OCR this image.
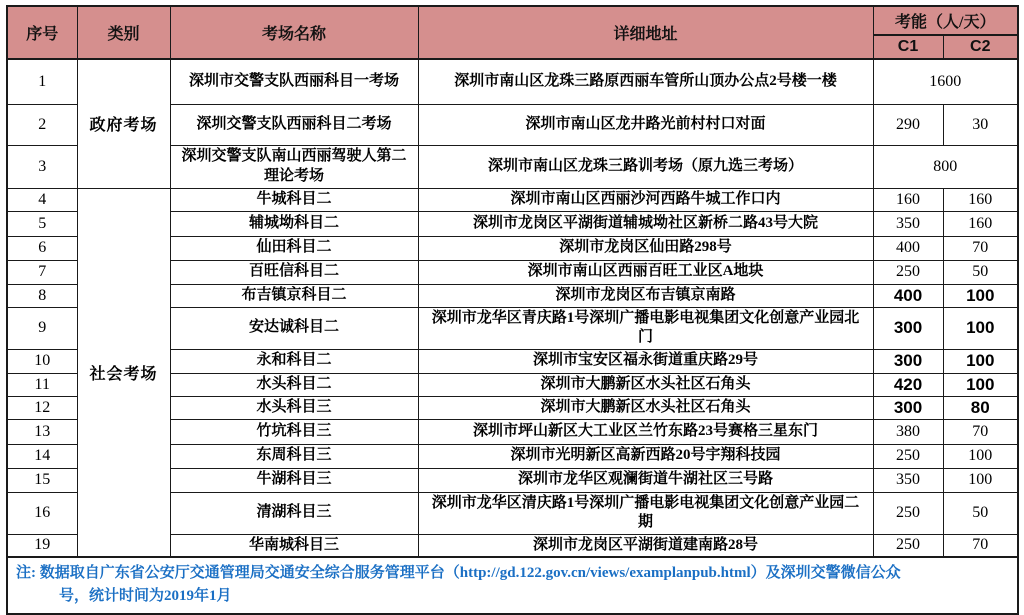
序号	类别	考场名称	详细地址	考能（人/天）	
				C1	C2
1	政府考场	深圳市交警支队西丽科目一考场	深圳市南山区龙珠三路原西丽车管所山顶办公点2号楼一楼	1600	
2		深圳交警支队西丽科目二考场	深圳市南山区龙井路光前村村口对面	290	30
3		深圳交警支队南山西丽驾驶人第二理论考场	深圳市南山区龙珠三路训考场（原九选三考场）	800	
4	社会考场	牛城科目二	深圳市南山区西丽沙河西路牛城工作口内	160	160
5		辅城坳科目二	深圳市龙岗区平湖街道辅城坳社区新桥二路43号大院	350	160
6		仙田科目二	深圳市龙岗区仙田路298号	400	70
7		百旺信科目二	深圳市南山区西丽百旺工业区A地块	250	50
8		布吉镇京科目二	深圳市龙岗区布吉镇京南路	400	100
9		安达诚科目二	深圳市龙华区青庆路1号深圳广播电影电视集团文化创意产业园北门	300	100
10		永和科目二	深圳市宝安区福永街道重庆路29号	300	100
11		水头科目二	深圳市大鹏新区水头社区石角头	420	100
12		水头科目三	深圳市大鹏新区水头社区石角头	300	80
13		竹坑科目三	深圳市坪山新区大工业区兰竹东路23号赛格三星东门	380	70
14		东周科目三	深圳市光明新区高新西路20号宇翔科技园	250	100
15		牛湖科目三	深圳市龙华区观澜街道牛湖社区三号路	350	100
16		清湖科目三	深圳市龙华区清庆路1号深圳广播电影电视集团文化创意产业园二期	250	50
19		华南城科目三	深圳市龙岗区平湖街道建南路28号	250	70

注: 数据取自广东省公安厅交通管理局交通安全综合服务管理平台（http://gd.122.gov.cn/views/examplanpub.html）及深圳交警微信公众
号，统计时间为2019年1月					
